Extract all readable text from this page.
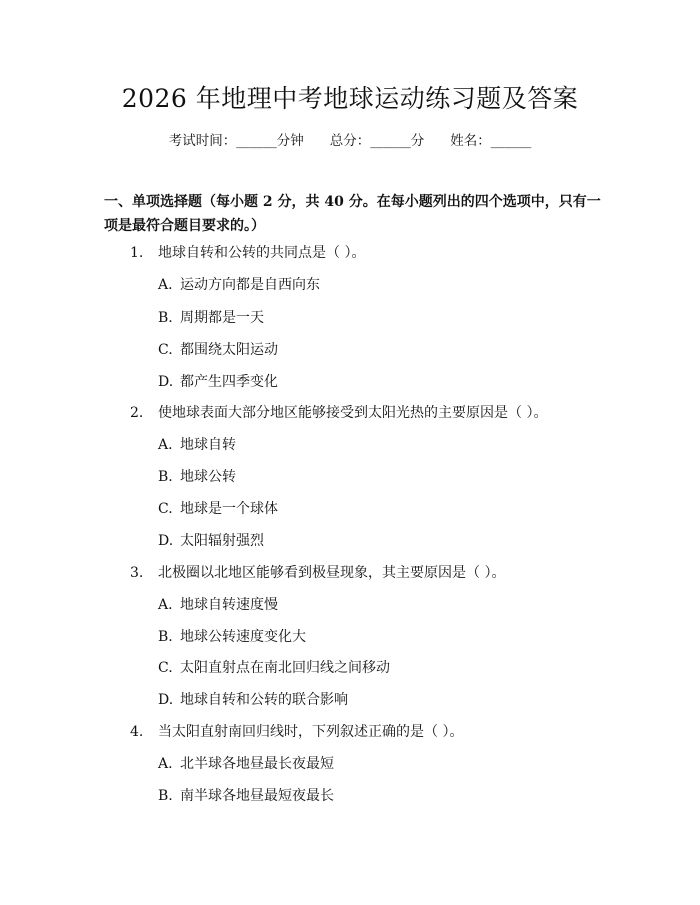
2026 年地理中考地球运动练习题及答案
考试时间：______分钟 总分：______分 姓名：______
一、单项选择题（每小题 2 分，共 40 分。在每小题列出的四个选项中，只有一项是最符合题目要求的。）
1. 地球自转和公转的共同点是（ ）。
A. 运动方向都是自西向东
B. 周期都是一天
C. 都围绕太阳运动
D. 都产生四季变化
2. 使地球表面大部分地区能够接受到太阳光热的主要原因是（ ）。
A. 地球自转
B. 地球公转
C. 地球是一个球体
D. 太阳辐射强烈
3. 北极圈以北地区能够看到极昼现象，其主要原因是（ ）。
A. 地球自转速度慢
B. 地球公转速度变化大
C. 太阳直射点在南北回归线之间移动
D. 地球自转和公转的联合影响
4. 当太阳直射南回归线时，下列叙述正确的是（ ）。
A. 北半球各地昼最长夜最短
B. 南半球各地昼最短夜最长
